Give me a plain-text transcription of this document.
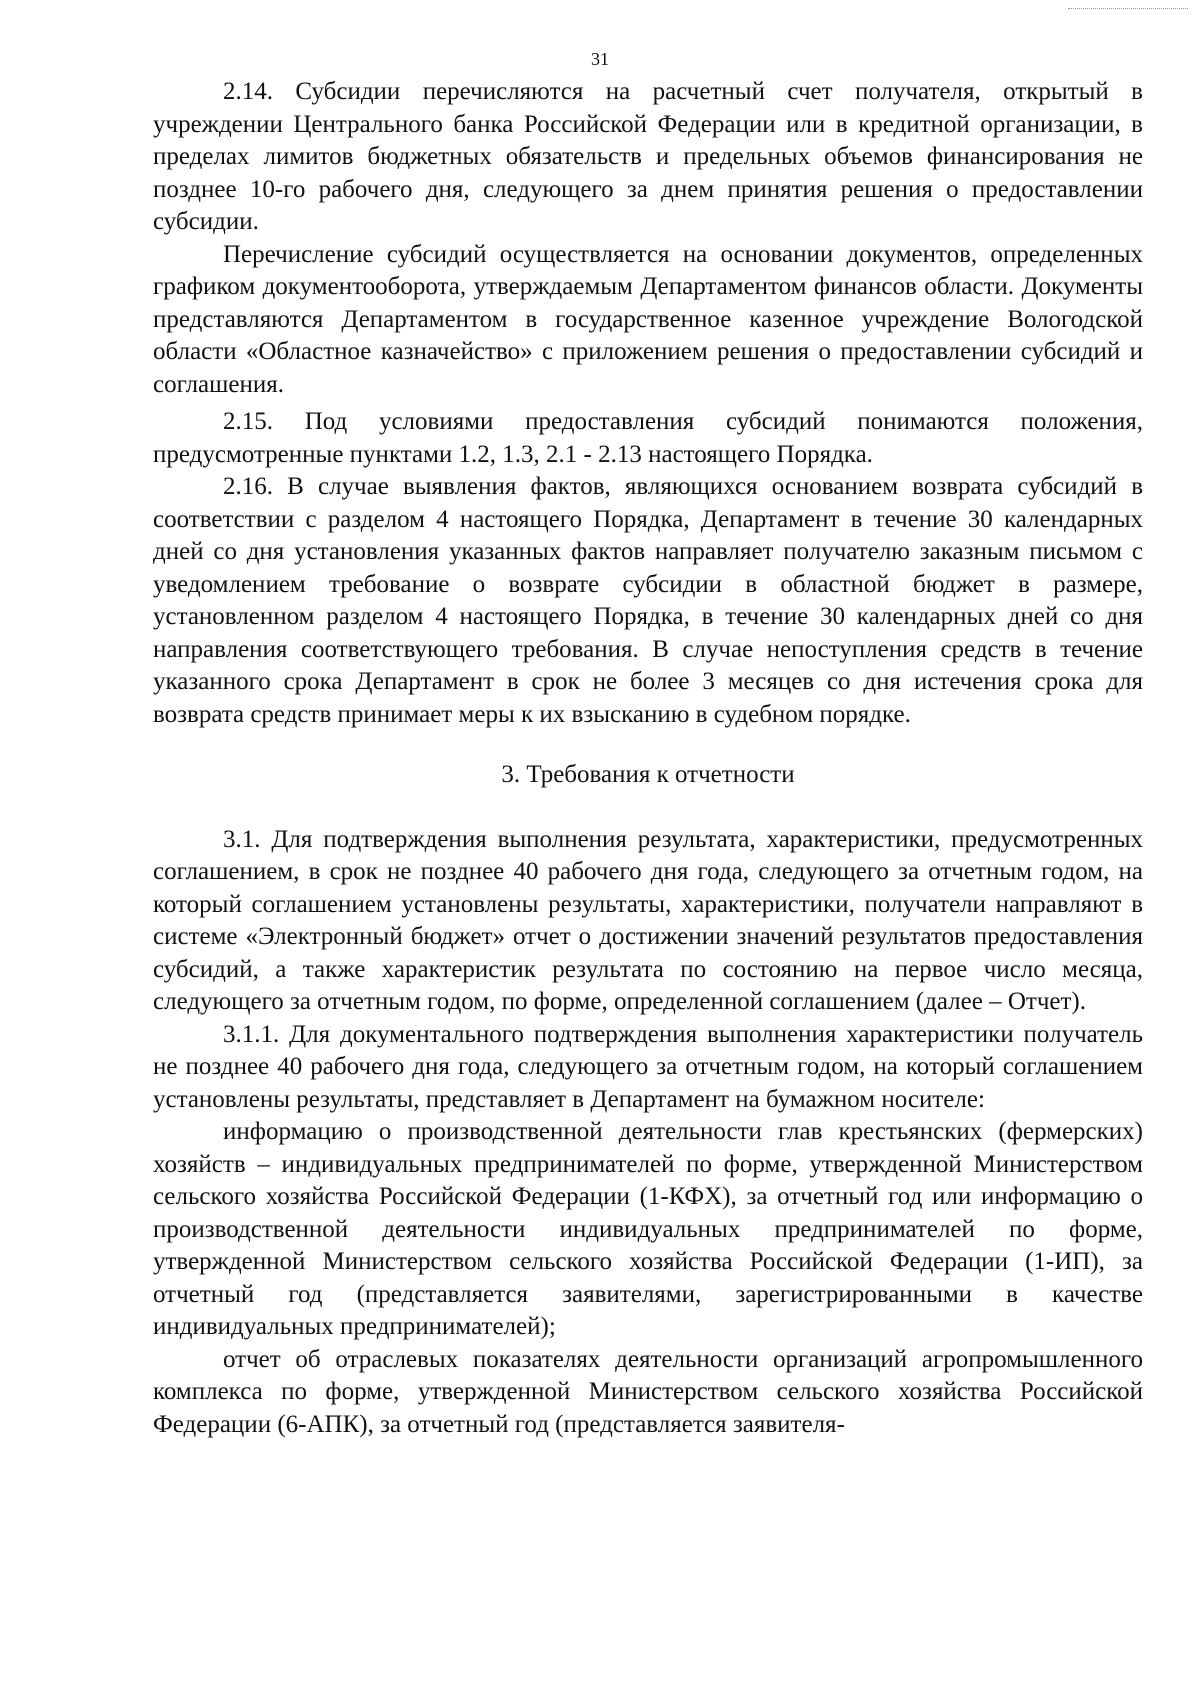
31

2.14. Субсидии перечисляются на расчетный счет получателя, открытый в учреждении Центрального банка Российской Федерации или в кредитной организации, в пределах лимитов бюджетных обязательств и предельных объемов финансирования не позднее 10-го рабочего дня, следующего за днем принятия решения о предоставлении субсидии.

Перечисление субсидий осуществляется на основании документов, определенных графиком документооборота, утверждаемым Департаментом финансов области. Документы представляются Департаментом в государственное казенное учреждение Вологодской области «Областное казначейство» с приложением решения о предоставлении субсидий и соглашения.

2.15. Под условиями предоставления субсидий понимаются положения, предусмотренные пунктами 1.2, 1.3, 2.1 - 2.13 настоящего Порядка.

2.16. В случае выявления фактов, являющихся основанием возврата субсидий в соответствии с разделом 4 настоящего Порядка, Департамент в течение 30 календарных дней со дня установления указанных фактов направляет получателю заказным письмом с уведомлением требование о возврате субсидии в областной бюджет в размере, установленном разделом 4 настоящего Порядка, в течение 30 календарных дней со дня направления соответствующего требования. В случае непоступления средств в течение указанного срока Департамент в срок не более 3 месяцев со дня истечения срока для возврата средств принимает меры к их взысканию в судебном порядке.

3. Требования к отчетности

3.1. Для подтверждения выполнения результата, характеристики, предусмотренных соглашением, в срок не позднее 40 рабочего дня года, следующего за отчетным годом, на который соглашением установлены результаты, характеристики, получатели направляют в системе «Электронный бюджет» отчет о достижении значений результатов предоставления субсидий, а также характеристик результата по состоянию на первое число месяца, следующего за отчетным годом, по форме, определенной соглашением (далее – Отчет).

3.1.1. Для документального подтверждения выполнения характеристики получатель не позднее 40 рабочего дня года, следующего за отчетным годом, на который соглашением установлены результаты, представляет в Департамент на бумажном носителе:

информацию о производственной деятельности глав крестьянских (фермерских) хозяйств – индивидуальных предпринимателей по форме, утвержденной Министерством сельского хозяйства Российской Федерации (1-КФХ), за отчетный год или информацию о производственной деятельности индивидуальных предпринимателей по форме, утвержденной Министерством сельского хозяйства Российской Федерации (1-ИП), за отчетный год (представляется заявителями, зарегистрированными в качестве индивидуальных предпринимателей);

отчет об отраслевых показателях деятельности организаций агропромышленного комплекса по форме, утвержденной Министерством сельского хозяйства Российской Федерации (6-АПК), за отчетный год (представляется заявителя-
